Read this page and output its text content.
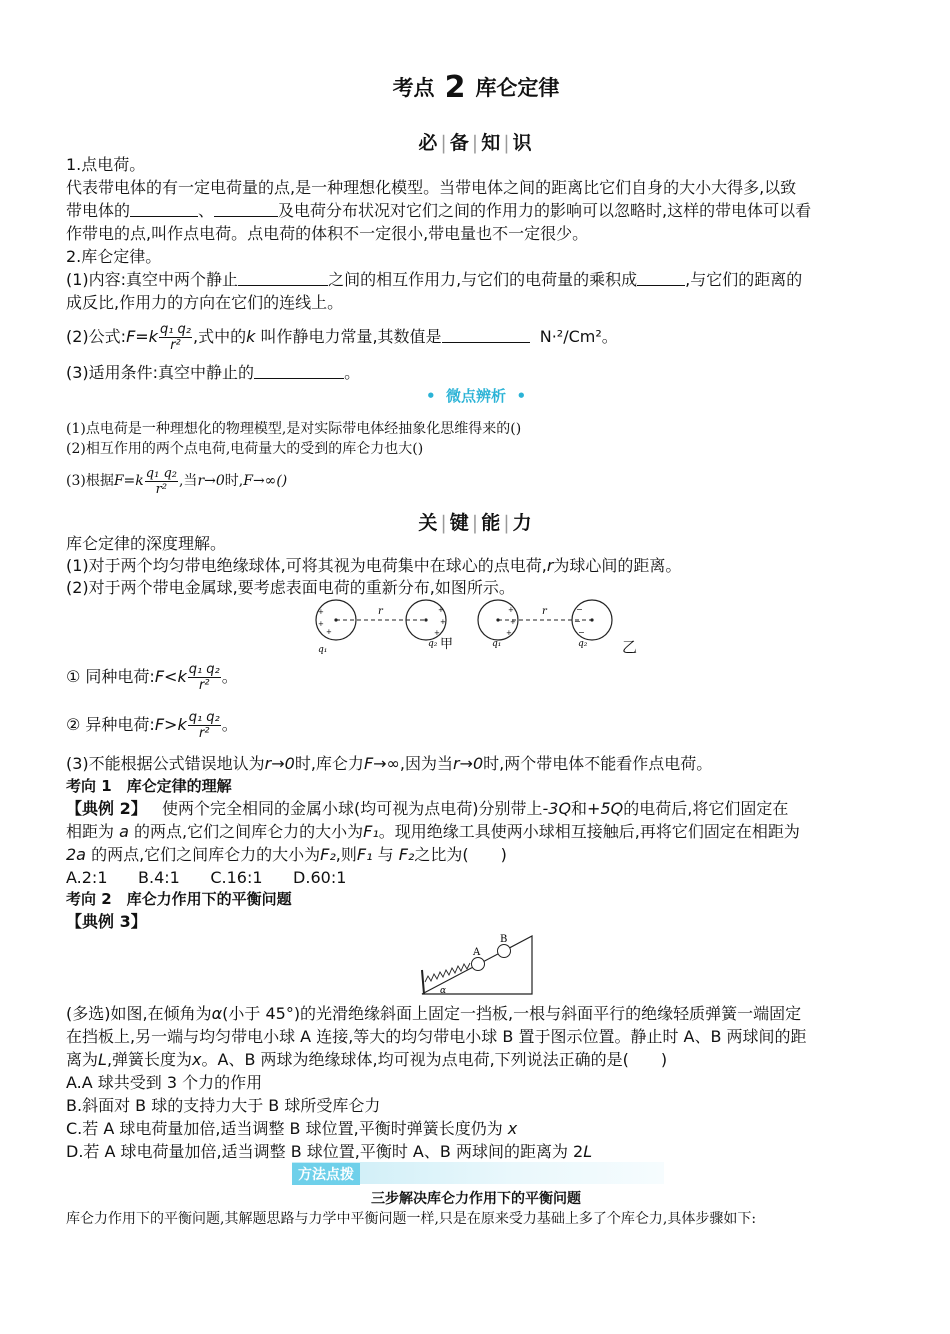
考点 2 库仑定律
必|备|知|识
1.点电荷。
代表带电体的有一定电荷量的点,是一种理想化模型。当带电体之间的距离比它们自身的大小大得多,以致
带电体的	、	及电荷分布状况对它们之间的作用力的影响可以忽略时,这样的带电体可以看
作带电的点,叫作点电荷。点电荷的体积不一定很小,带电量也不一定很少。
2.库仑定律。
(1)内容:真空中两个静止	之间的相互作用力,与它们的电荷量的乘积成	,与它们的距离的
成反比,作用力的方向在它们的连线上。
(2)公式:F=k $\frac{\text{q₁ q₂}}{\text{r²}}$ ,式中的k 叫作静电力常量,其数值是	N·²/Cm²。
(3)适用条件:真空中静止的	。
• 微点辨析 •
(1)点电荷是一种理想化的物理模型,是对实际带电体经抽象化思维得来的()
(2)相互作用的两个点电荷,电荷量大的受到的库仑力也大()
(3)根据$F=k \frac{\text{q₁ q₂}}{\text{r²}}$ ,当r→0时,F→∞()
关|键|能|力
库仑定律的深度理解。
(1)对于两个均匀带电绝缘球体,可将其视为电荷集中在球心的点电荷,r为球心间的距离。
(2)对于两个带电金属球,要考虑表面电荷的重新分布,如图所示。
r
+
+
+
+
+
+
q₁
q₂ 甲
r
+
+
+
−
−
−
q₁	q₂ 乙
① 同种电荷:F<k $\frac{\text{q₁ q₂}}{\text{r²}}$ 。
② 异种电荷:F>k $\frac{\text{q₁ q₂}}{\text{r²}}$ 。
(3)不能根据公式错误地认为r→0时,库仑力F→∞,因为当r→0时,两个带电体不能看作点电荷。
考向 1　库仑定律的理解
【典例 2】 使两个完全相同的金属小球(均可视为点电荷)分别带上-3Q和+5Q的电荷后,将它们固定在
相距为 a 的两点,它们之间库仑力的大小为F₁。现用绝缘工具使两小球相互接触后,再将它们固定在相距为
2a 的两点,它们之间库仑力的大小为F₂,则F₁ 与 F₂之比为(　　)
A.2:1 B.4:1 C.16:1 D.60:1
考向 2　库仑力作用下的平衡问题
【典例 3】
A
B
α
(多选)如图,在倾角为α(小于 45°)的光滑绝缘斜面上固定一挡板,一根与斜面平行的绝缘轻质弹簧一端固定
在挡板上,另一端与均匀带电小球 A 连接,等大的均匀带电小球 B 置于图示位置。静止时 A、B 两球间的距
离为L,弹簧长度为x。A、B 两球为绝缘球体,均可视为点电荷,下列说法正确的是(　　)
A.A 球共受到 3 个力的作用
B.斜面对 B 球的支持力大于 B 球所受库仑力
C.若 A 球电荷量加倍,适当调整 B 球位置,平衡时弹簧长度仍为 x
D.若 A 球电荷量加倍,适当调整 B 球位置,平衡时 A、B 两球间的距离为 2L
方法点拨
三步解决库仑力作用下的平衡问题
库仑力作用下的平衡问题,其解题思路与力学中平衡问题一样,只是在原来受力基础上多了个库仑力,具体步骤如下:
